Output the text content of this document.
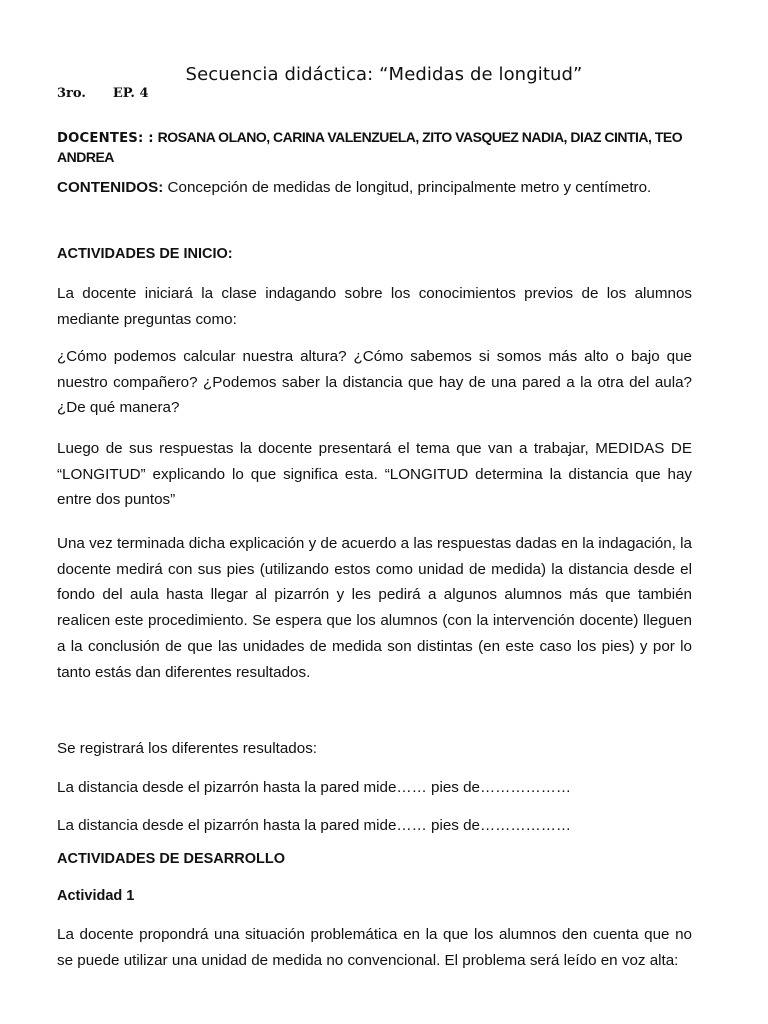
Secuencia didáctica: “Medidas de longitud”
3ro. EP. 4
DOCENTES: : ROSANA OLANO, CARINA VALENZUELA, ZITO VASQUEZ NADIA, DIAZ CINTIA, TEO ANDREA
CONTENIDOS: Concepción de medidas de longitud, principalmente metro y centímetro.
ACTIVIDADES DE INICIO:
La docente iniciará la clase indagando sobre los conocimientos previos de los alumnos mediante preguntas como:
¿Cómo podemos calcular nuestra altura? ¿Cómo sabemos si somos más alto o bajo que nuestro compañero? ¿Podemos saber la distancia que hay de una pared a la otra del aula? ¿De qué manera?
Luego de sus respuestas la docente presentará el tema que van a trabajar, MEDIDAS DE “LONGITUD” explicando lo que significa esta. “LONGITUD determina la distancia que hay entre dos puntos”
Una vez terminada dicha explicación y de acuerdo a las respuestas dadas en la indagación, la docente medirá con sus pies (utilizando estos como unidad de medida) la distancia desde el fondo del aula hasta llegar al pizarrón y les pedirá a algunos alumnos más que también realicen este procedimiento. Se espera que los alumnos (con la intervención docente) lleguen a la conclusión de que las unidades de medida son distintas (en este caso los pies) y por lo tanto estás dan diferentes resultados.
Se registrará los diferentes resultados:
La distancia desde el pizarrón hasta la pared mide…… pies de………………
La distancia desde el pizarrón hasta la pared mide…… pies de………………
ACTIVIDADES DE DESARROLLO
Actividad 1
La docente propondrá una situación problemática en la que los alumnos den cuenta que no se puede utilizar una unidad de medida no convencional. El problema será leído en voz alta:
